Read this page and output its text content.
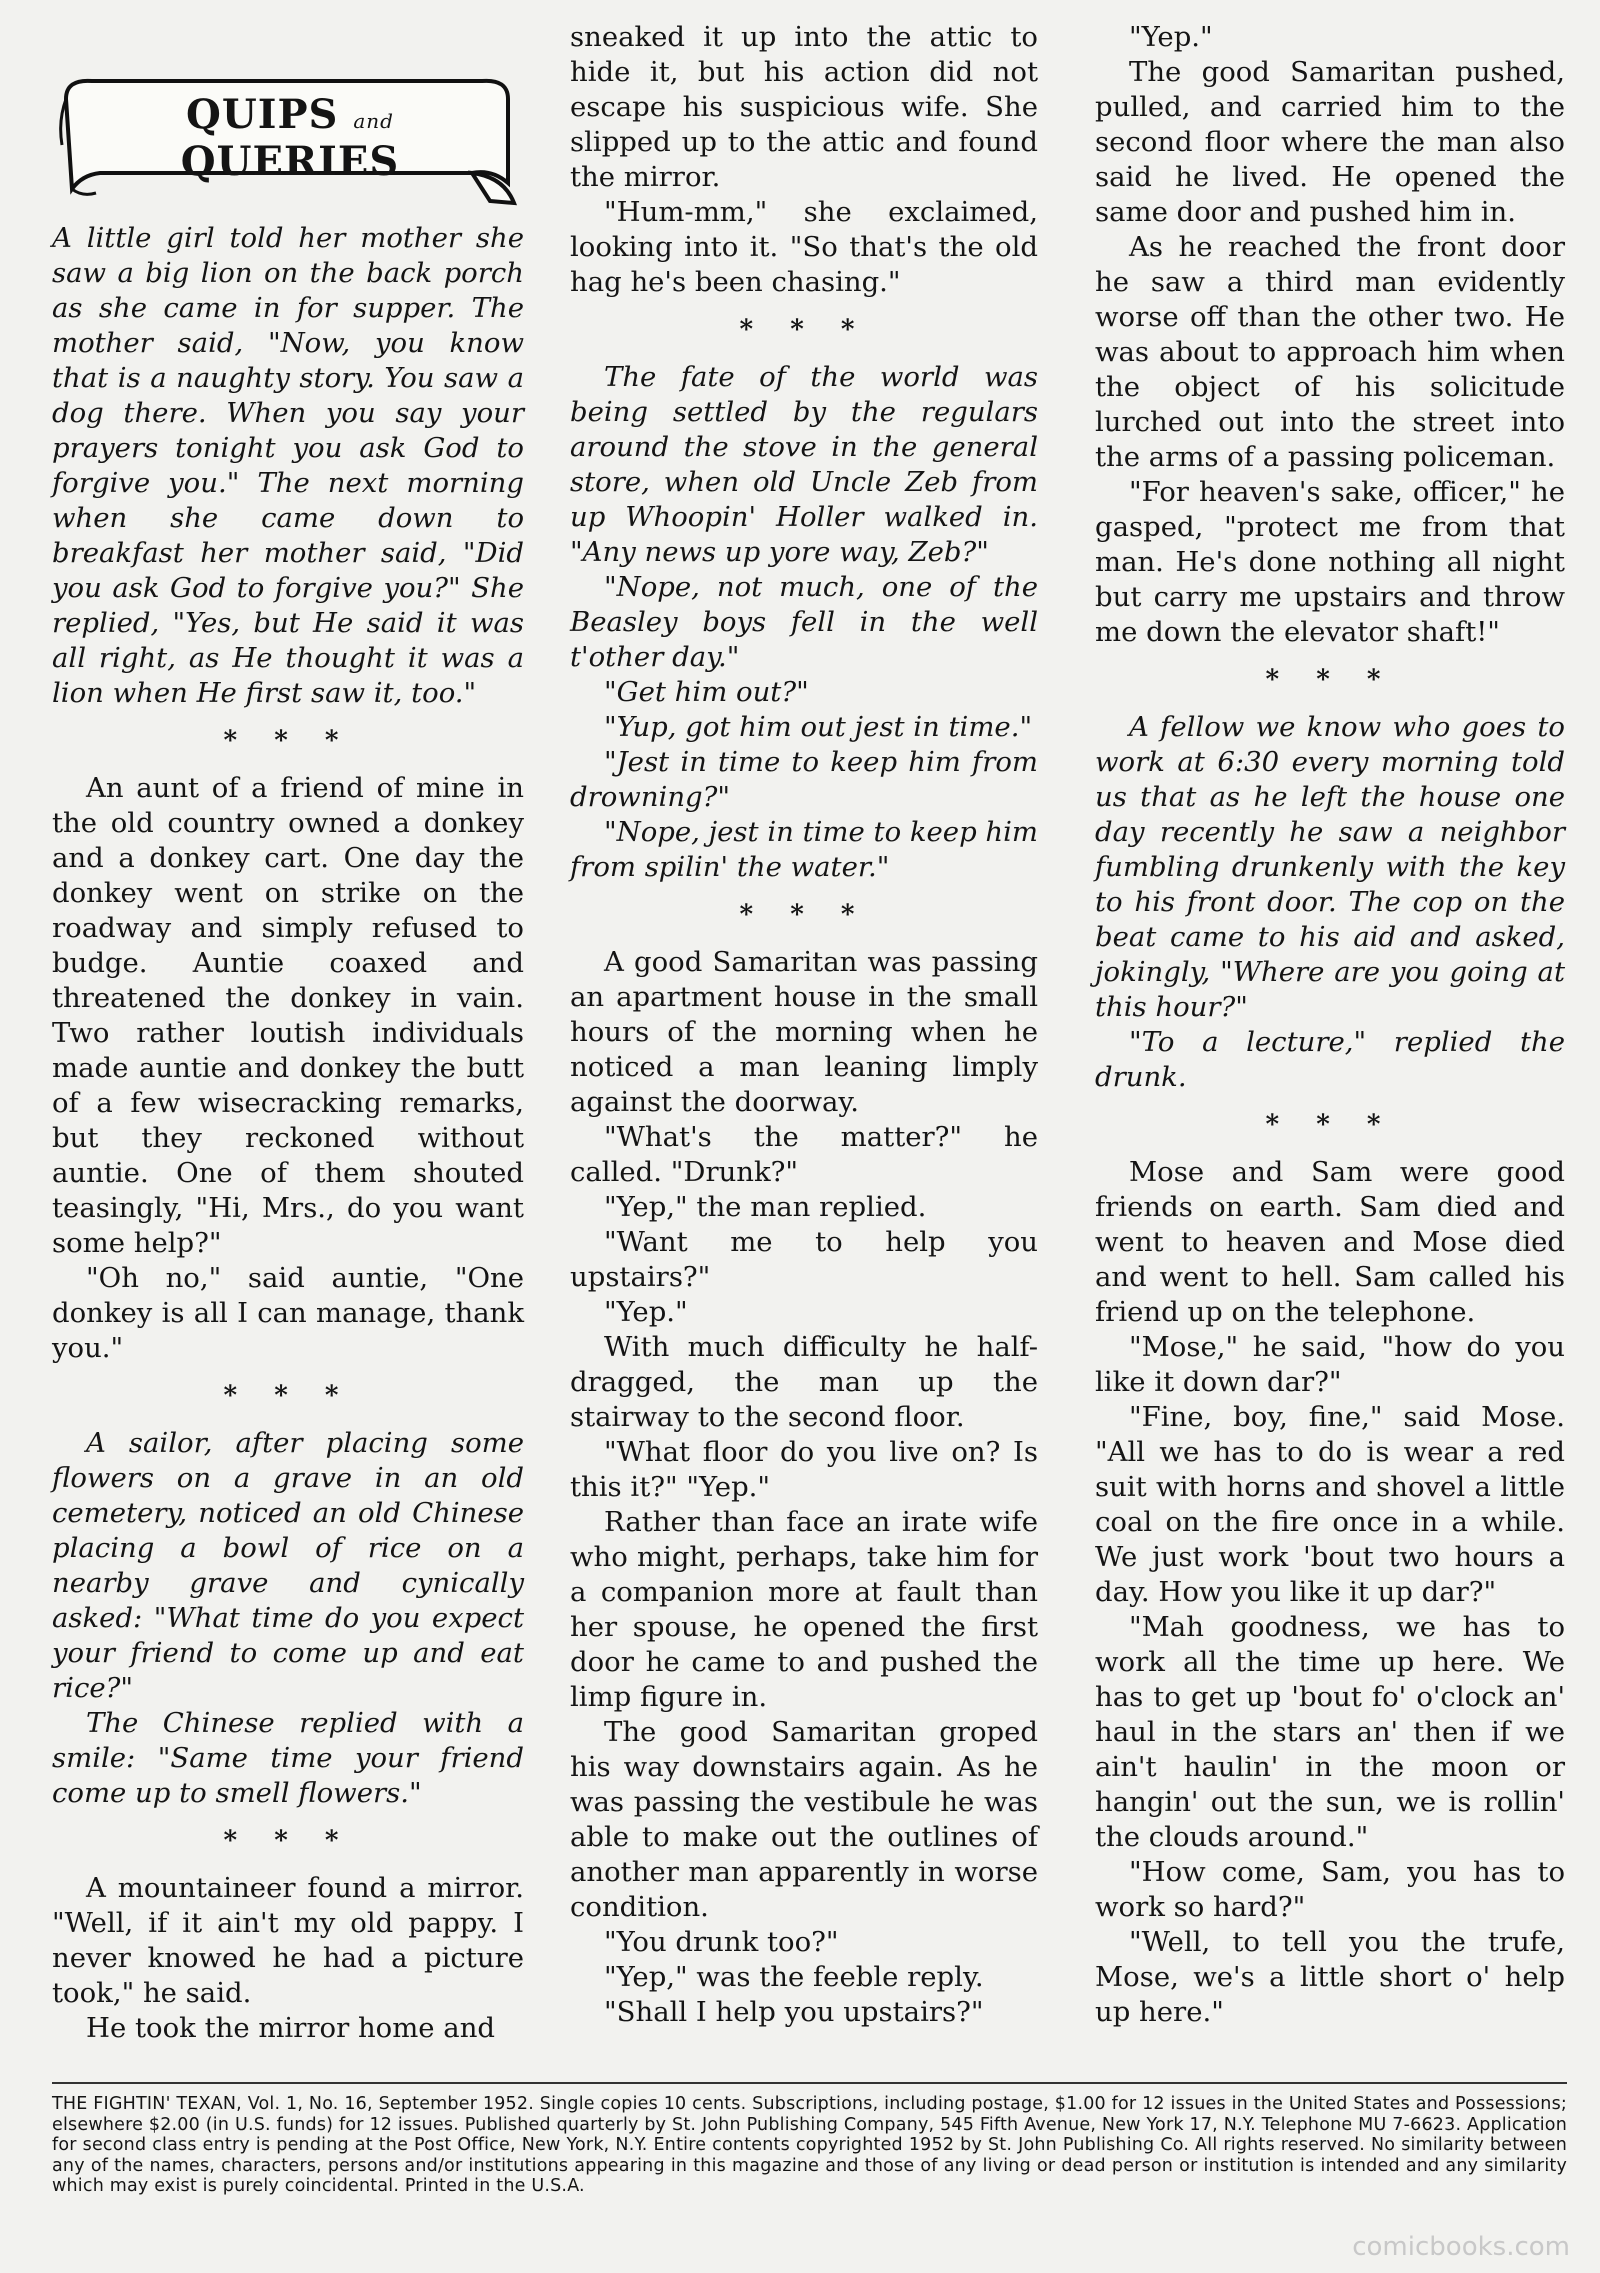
QUIPS and QUERIES

A little girl told her mother she saw a big lion on the back porch as she came in for supper. The mother said, "Now, you know that is a naughty story. You saw a dog there. When you say your prayers tonight you ask God to forgive you." The next morning when she came down to breakfast her mother said, "Did you ask God to forgive you?" She replied, "Yes, but He said it was all right, as He thought it was a lion when He first saw it, too."

* * *

An aunt of a friend of mine in the old country owned a donkey and a donkey cart. One day the donkey went on strike on the roadway and simply refused to budge. Auntie coaxed and threatened the donkey in vain. Two rather loutish individuals made auntie and donkey the butt of a few wisecracking remarks, but they reckoned without auntie. One of them shouted teasingly, "Hi, Mrs., do you want some help?"

"Oh no," said auntie, "One donkey is all I can manage, thank you."

* * *

A sailor, after placing some flowers on a grave in an old cemetery, noticed an old Chinese placing a bowl of rice on a nearby grave and cynically asked: "What time do you expect your friend to come up and eat rice?"

The Chinese replied with a smile: "Same time your friend come up to smell flowers."

* * *

A mountaineer found a mirror. "Well, if it ain't my old pappy. I never knowed he had a picture took," he said.

He took the mirror home and

sneaked it up into the attic to hide it, but his action did not escape his suspicious wife. She slipped up to the attic and found the mirror.

"Hum-mm," she exclaimed, looking into it. "So that's the old hag he's been chasing."

* * *

The fate of the world was being settled by the regulars around the stove in the general store, when old Uncle Zeb from up Whoopin' Holler walked in. "Any news up yore way, Zeb?"

"Nope, not much, one of the Beasley boys fell in the well t'other day."

"Get him out?"

"Yup, got him out jest in time."

"Jest in time to keep him from drowning?"

"Nope, jest in time to keep him from spilin' the water."

* * *

A good Samaritan was passing an apartment house in the small hours of the morning when he noticed a man leaning limply against the doorway.

"What's the matter?" he called. "Drunk?"

"Yep," the man replied.

"Want me to help you upstairs?"

"Yep."

With much difficulty he half-dragged, the man up the stairway to the second floor.

"What floor do you live on? Is this it?" "Yep."

Rather than face an irate wife who might, perhaps, take him for a companion more at fault than her spouse, he opened the first door he came to and pushed the limp figure in.

The good Samaritan groped his way downstairs again. As he was passing the vestibule he was able to make out the outlines of another man apparently in worse condition.

"You drunk too?"

"Yep," was the feeble reply.

"Shall I help you upstairs?"

"Yep."

The good Samaritan pushed, pulled, and carried him to the second floor where the man also said he lived. He opened the same door and pushed him in.

As he reached the front door he saw a third man evidently worse off than the other two. He was about to approach him when the object of his solicitude lurched out into the street into the arms of a passing policeman.

"For heaven's sake, officer," he gasped, "protect me from that man. He's done nothing all night but carry me upstairs and throw me down the elevator shaft!"

* * *

A fellow we know who goes to work at 6:30 every morning told us that as he left the house one day recently he saw a neighbor fumbling drunkenly with the key to his front door. The cop on the beat came to his aid and asked, jokingly, "Where are you going at this hour?"

"To a lecture," replied the drunk.

* * *

Mose and Sam were good friends on earth. Sam died and went to heaven and Mose died and went to hell. Sam called his friend up on the telephone.

"Mose," he said, "how do you like it down dar?"

"Fine, boy, fine," said Mose. "All we has to do is wear a red suit with horns and shovel a little coal on the fire once in a while. We just work 'bout two hours a day. How you like it up dar?"

"Mah goodness, we has to work all the time up here. We has to get up 'bout fo' o'clock an' haul in the stars an' then if we ain't haulin' in the moon or hangin' out the sun, we is rollin' the clouds around."

"How come, Sam, you has to work so hard?"

"Well, to tell you the trufe, Mose, we's a little short o' help up here."

THE FIGHTIN' TEXAN, Vol. 1, No. 16, September 1952. Single copies 10 cents. Subscriptions, including postage, $1.00 for 12 issues in the United States and Possessions; elsewhere $2.00 (in U.S. funds) for 12 issues. Published quarterly by St. John Publishing Company, 545 Fifth Avenue, New York 17, N.Y. Telephone MU 7-6623. Application for second class entry is pending at the Post Office, New York, N.Y. Entire contents copyrighted 1952 by St. John Publishing Co. All rights reserved. No similarity between any of the names, characters, persons and/or institutions appearing in this magazine and those of any living or dead person or institution is intended and any similarity which may exist is purely coincidental. Printed in the U.S.A.
comicbooks.com
